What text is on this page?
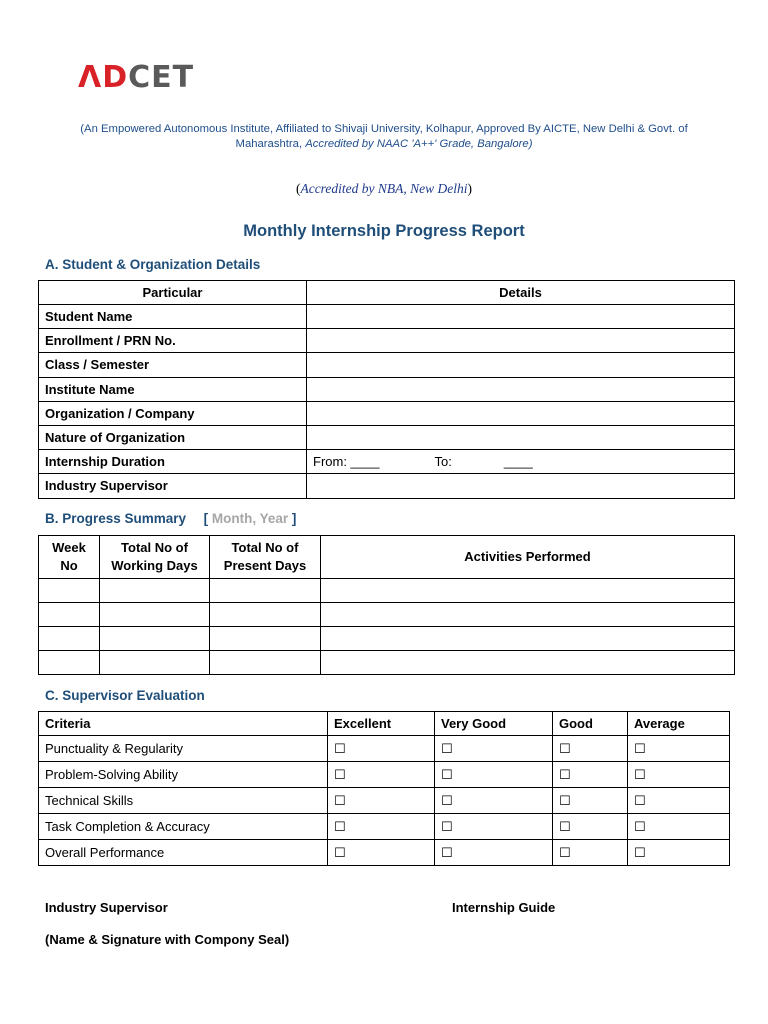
ΛDCET
(An Empowered Autonomous Institute, Affiliated to Shivaji University, Kolhapur, Approved By AICTE, New Delhi & Govt. of
Maharashtra, Accredited by NAAC 'A++' Grade, Bangalore)
(Accredited by NBA, New Delhi)
Monthly Internship Progress Report
A. Student & Organization Details
Particular	Details
Student Name	
Enrollment / PRN No.	
Class / Semester	
Institute Name	
Organization / Company	
Nature of Organization	
Internship Duration	From: ____ To: ____
Industry Supervisor	
B. Progress Summary [ Month, Year ]
Week No	Total No of Working Days	Total No of Present Days	Activities Performed

C. Supervisor Evaluation
Criteria	Excellent	Very Good	Good	Average
Punctuality & Regularity	☐	☐	☐	☐
Problem-Solving Ability	☐	☐	☐	☐
Technical Skills	☐	☐	☐	☐
Task Completion & Accuracy	☐	☐	☐	☐
Overall Performance	☐	☐	☐	☐
Industry Supervisor	Internship Guide
(Name & Signature with Compony Seal)
